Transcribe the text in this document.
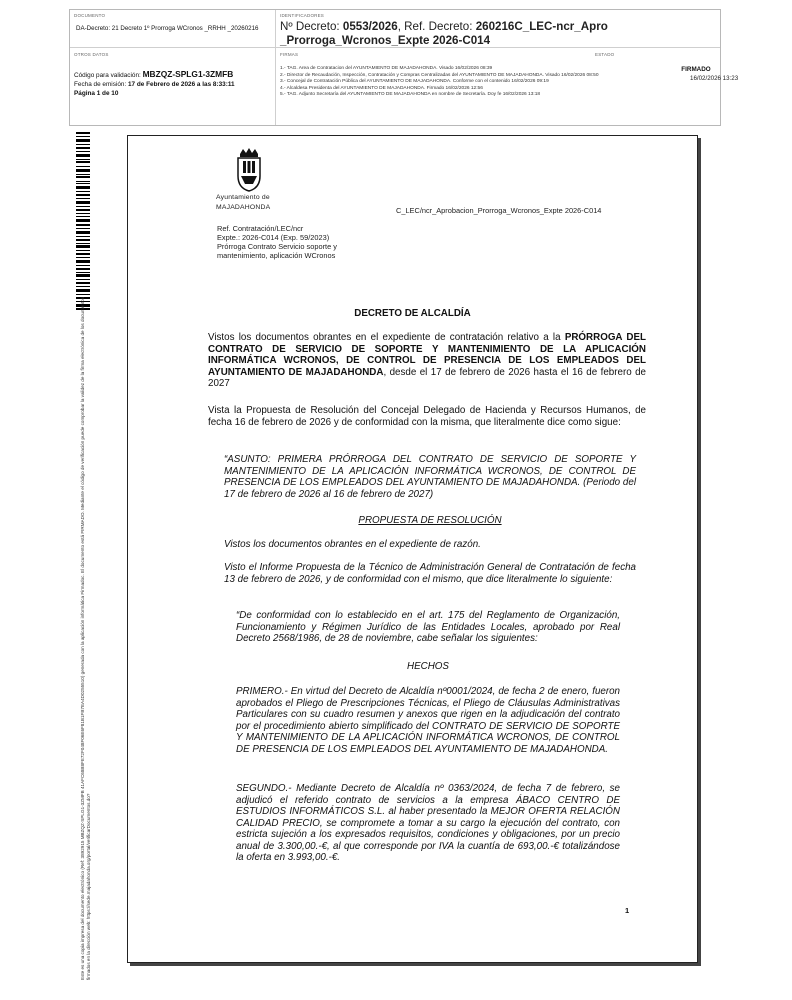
DOCUMENTO
DA-Decreto: 21 Decreto 1º Prorroga WCronos _RRHH _20260216
IDENTIFICADORES
Nº Decreto: 0553/2026, Ref. Decreto: 260216C_LEC-ncr_Apro _Prorroga_Wcronos_Expte 2026-C014
OTROS DATOS
Código para validación: MBZQZ-SPLG1-3ZMFB
Fecha de emisión: 17 de Febrero de 2026 a las 8:33:11
Página 1 de 10
FIRMAS
1.- TAG. Area de Contratacion del AYUNTAMIENTO DE MAJADAHONDA. Visado 16/02/2026 08:39
2.- Director de Recaudación, Inspección, Contratación y Compras Centralizadas del AYUNTAMIENTO DE MAJADAHONDA. Visado 16/02/2026 08:50
3.- Concejal de Contratación Pública del AYUNTAMIENTO DE MAJADAHONDA. Conforme con el contenido 16/02/2026 09:19
4.- Alcaldesa Presidenta del AYUNTAMIENTO DE MAJADAHONDA. Firmado 16/02/2026 12:56
5.- TAG. Adjunto Secretaría del AYUNTAMIENTO DE MAJADAHONDA en nombre de Secretaría. Doy fe 16/02/2026 13:18
ESTADO
FIRMADO
16/02/2026 13:23
Este es una copia impresa del documento electrónico (Ref: 3892915 MBZQZ-SPLG1-3ZMFB 41AFC68B8FE72F048F06E6F81B1FB7EA4D0255510) generada con la aplicación informática Firmadoc. El documento está FIRMADO. Mediante el código de verificación puede comprobar la validez de la firma electrónica de los documentos firmados en la dirección web: https://sede.majadahonda.org/portal/verificarDocumentos.do?
Ayuntamiento de
MAJADAHONDA	C_LEC/ncr_Aprobacion_Prorroga_Wcronos_Expte 2026-C014
Ref. Contratación/LEC/ncr
Expte.: 2026-C014 (Exp. 59/2023)
Prórroga Contrato Servicio soporte y mantenimiento, aplicación WCronos
DECRETO DE ALCALDÍA
Vistos los documentos obrantes en el expediente de contratación relativo a la PRÓRROGA DEL CONTRATO DE SERVICIO DE SOPORTE Y MANTENIMIENTO DE LA APLICACIÓN INFORMÁTICA WCRONOS, DE CONTROL DE PRESENCIA DE LOS EMPLEADOS DEL AYUNTAMIENTO DE MAJADAHONDA, desde el 17 de febrero de 2026 hasta el 16 de febrero de 2027
Vista la Propuesta de Resolución del Concejal Delegado de Hacienda y Recursos Humanos, de fecha 16 de febrero de 2026 y de conformidad con la misma, que literalmente dice como sigue:
“ASUNTO: PRIMERA PRÓRROGA DEL CONTRATO DE SERVICIO DE SOPORTE Y MANTENIMIENTO DE LA APLICACIÓN INFORMÁTICA WCRONOS, DE CONTROL DE PRESENCIA DE LOS EMPLEADOS DEL AYUNTAMIENTO DE MAJADAHONDA. (Periodo del 17 de febrero de 2026 al 16 de febrero de 2027)
PROPUESTA DE RESOLUCIÓN
Vistos los documentos obrantes en el expediente de razón.
Visto el Informe Propuesta de la Técnico de Administración General de Contratación de fecha 13 de febrero de 2026, y de conformidad con el mismo, que dice literalmente lo siguiente:
“De conformidad con lo establecido en el art. 175 del Reglamento de Organización, Funcionamiento y Régimen Jurídico de las Entidades Locales, aprobado por Real Decreto 2568/1986, de 28 de noviembre, cabe señalar los siguientes:
HECHOS
PRIMERO.- En virtud del Decreto de Alcaldía nº0001/2024, de fecha 2 de enero, fueron aprobados el Pliego de Prescripciones Técnicas, el Pliego de Cláusulas Administrativas Particulares con su cuadro resumen y anexos que rigen en la adjudicación del contrato por el procedimiento abierto simplificado del CONTRATO DE SERVICIO DE SOPORTE Y MANTENIMIENTO DE LA APLICACIÓN INFORMÁTICA WCRONOS, DE CONTROL DE PRESENCIA DE LOS EMPLEADOS DEL AYUNTAMIENTO DE MAJADAHONDA.
SEGUNDO.- Mediante Decreto de Alcaldía nº 0363/2024, de fecha 7 de febrero, se adjudicó el referido contrato de servicios a la empresa ÁBACO CENTRO DE ESTUDIOS INFORMÁTICOS S.L. al haber presentado la MEJOR OFERTA RELACIÓN CALIDAD PRECIO, se compromete a tomar a su cargo la ejecución del contrato, con estricta sujeción a los expresados requisitos, condiciones y obligaciones, por un precio anual de 3.300,00.-€, al que corresponde por IVA la cuantía de 693,00.-€ totalizándose la oferta en 3.993,00.-€.
1
